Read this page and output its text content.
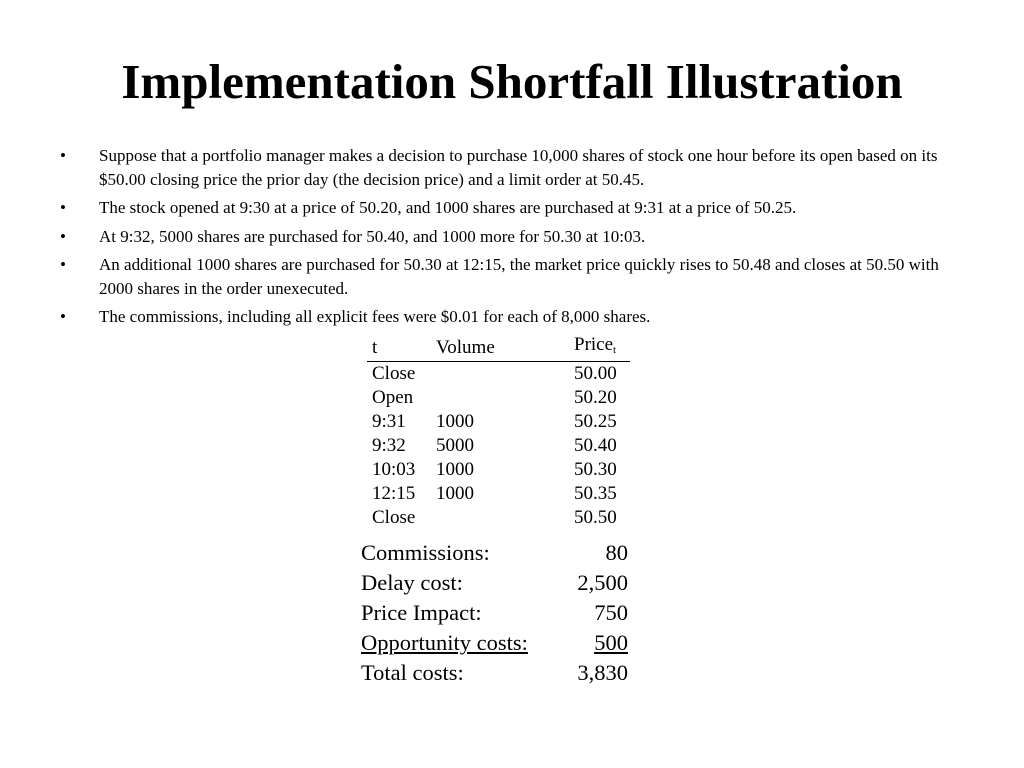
Implementation Shortfall Illustration
• Suppose that a portfolio manager makes a decision to purchase 10,000 shares of stock one hour before its open based on its $50.00 closing price the prior day (the decision price) and a limit order at 50.45.
• The stock opened at 9:30 at a price of 50.20, and 1000 shares are purchased at 9:31 at a price of 50.25.
• At 9:32, 5000 shares are purchased for 50.40, and 1000 more for 50.30 at 10:03.
• An additional 1000 shares are purchased for 50.30 at 12:15, the market price quickly rises to 50.48 and closes at 50.50 with 2000 shares in the order unexecuted.
• The commissions, including all explicit fees were $0.01 for each of 8,000 shares.
t	Volume	Price$_t$
Close		50.00
Open		50.20
9:31	1000	50.25
9:32	5000	50.40
10:03	1000	50.30
12:15	1000	50.35
Close		50.50
Commissions:	80
Delay cost:	2,500
Price Impact:	750
Opportunity costs:	500
Total costs:	3,830
